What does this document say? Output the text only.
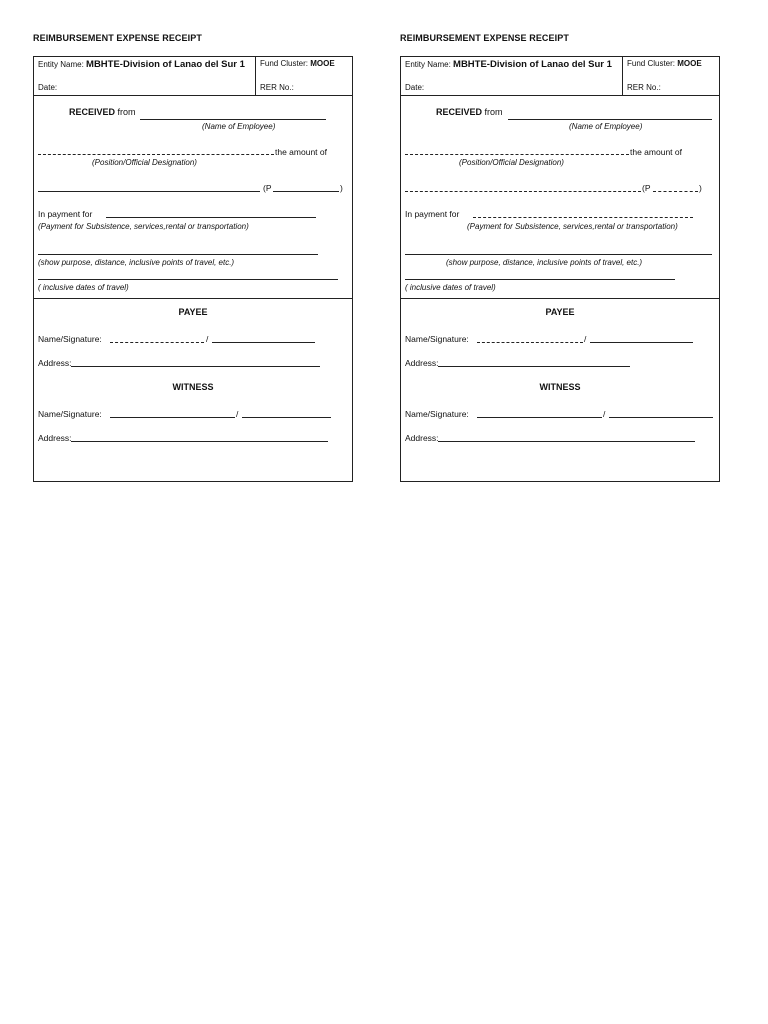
REIMBURSEMENT EXPENSE RECEIPT
Entity Name: MBHTE-Division of Lanao del Sur 1
Date:
Fund Cluster: MOOE
RER No.:
RECEIVED from
(Name of Employee)
the amount of
(Position/Official Designation)
(P	)
In payment for
(Payment for Subsistence, services,rental or transportation)
(show purpose, distance, inclusive points of travel, etc.)
( inclusive dates of travel)
PAYEE
Name/Signature:	/
Address:
WITNESS
Name/Signature:	/
Address:
REIMBURSEMENT EXPENSE RECEIPT
Entity Name: MBHTE-Division of Lanao del Sur 1
Date:
Fund Cluster: MOOE
RER No.:
RECEIVED from
(Name of Employee)
the amount of
(Position/Official Designation)
(P	)
In payment for
(Payment for Subsistence, services,rental or transportation)
(show purpose, distance, inclusive points of travel, etc.)
( inclusive dates of travel)
PAYEE
Name/Signature:	/
Address:
WITNESS
Name/Signature:	/
Address:
